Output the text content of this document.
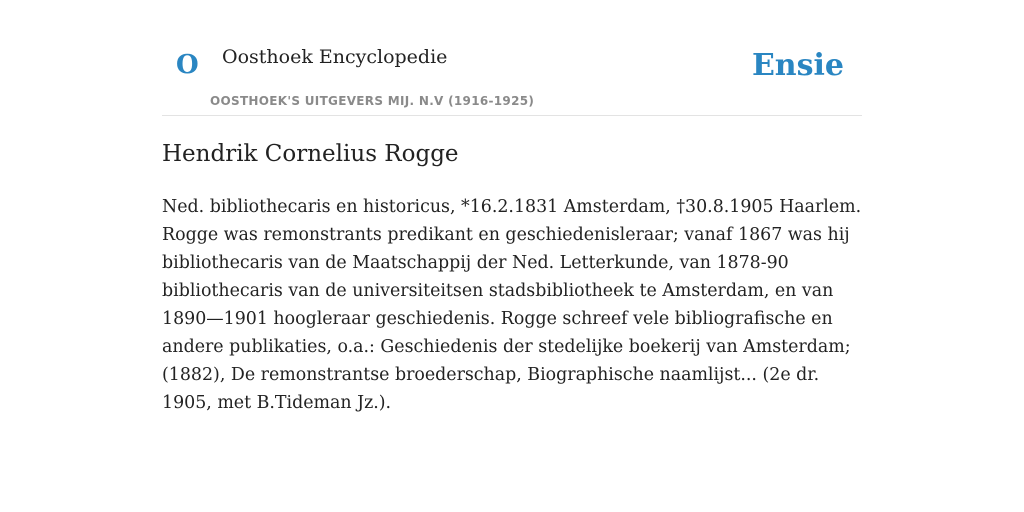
O Oosthoek Encyclopedie
OOSTHOEK'S UITGEVERS MIJ. N.V (1916-1925)
Ensie
Hendrik Cornelius Rogge

Ned. bibliothecaris en historicus, *16.2.1831 Amsterdam, †30.8.1905 Haarlem. Rogge was remonstrants predikant en geschiedenisleraar; vanaf 1867 was hij bibliothecaris van de Maatschappij der Ned. Letterkunde, van 1878-90 bibliothecaris van de universiteitsen stadsbibliotheek te Amsterdam, en van 1890—1901 hoogleraar geschiedenis. Rogge schreef vele bibliografische en andere publikaties, o.a.: Geschiedenis der stedelijke boekerij van Amsterdam; (1882), De remonstrantse broederschap, Biographische naamlijst... (2e dr. 1905, met B.Tideman Jz.).
